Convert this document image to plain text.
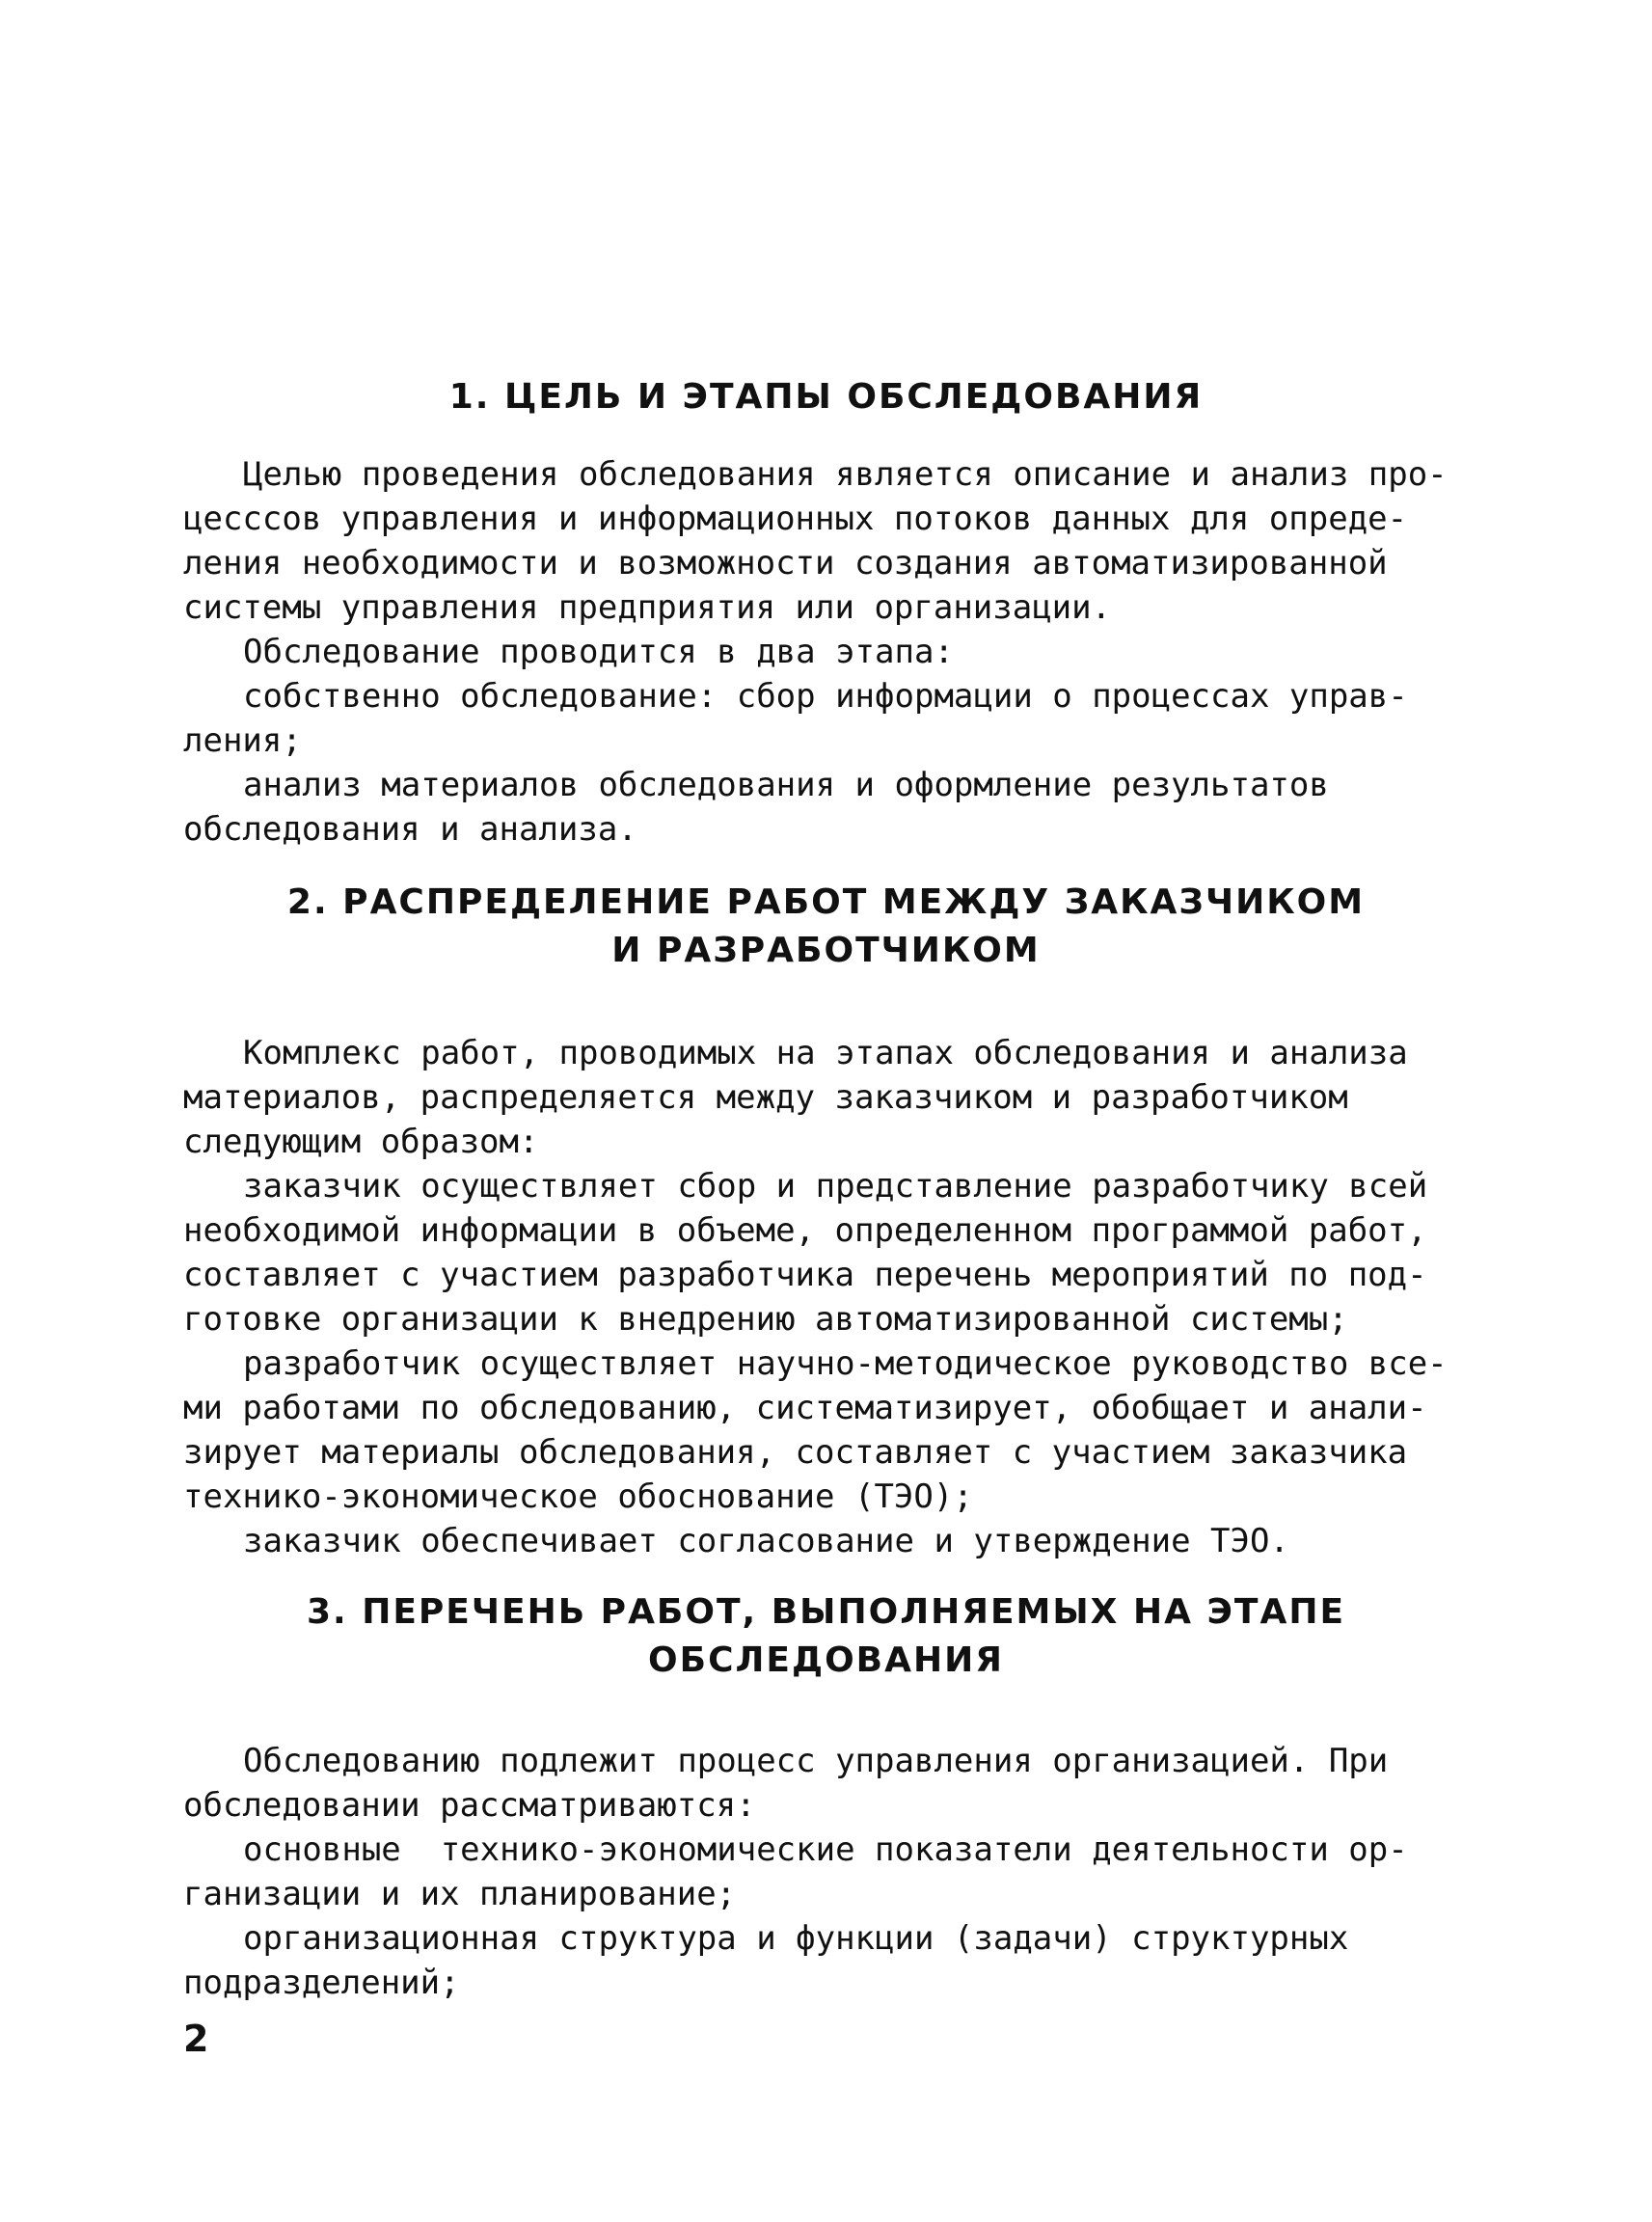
1. ЦЕЛЬ И ЭТАПЫ ОБСЛЕДОВАНИЯ

Целью проведения обследования является описание и анализ про-

цесссов управления и информационных потоков данных для опреде-

ления необходимости и возможности создания автоматизированной

системы управления предприятия или организации.

Обследование проводится в два этапа:

собственно обследование: сбор информации о процессах управ-

ления;

анализ материалов обследования и оформление результатов

обследования и анализа.

2. РАСПРЕДЕЛЕНИЕ РАБОТ МЕЖДУ ЗАКАЗЧИКОМ
И РАЗРАБОТЧИКОМ

Комплекс работ, проводимых на этапах обследования и анализа

материалов, распределяется между заказчиком и разработчиком

следующим образом:

заказчик осуществляет сбор и представление разработчику всей

необходимой информации в объеме, определенном программой работ,

составляет с участием разработчика перечень мероприятий по под-

готовке организации к внедрению автоматизированной системы;

разработчик осуществляет научно-методическое руководство все-

ми работами по обследованию, систематизирует, обобщает и анали-

зирует материалы обследования, составляет с участием заказчика

технико-экономическое обоснование (ТЭО);

заказчик обеспечивает согласование и утверждение ТЭО.

3. ПЕРЕЧЕНЬ РАБОТ, ВЫПОЛНЯЕМЫХ НА ЭТАПЕ
ОБСЛЕДОВАНИЯ

Обследованию подлежит процесс управления организацией. При

обследовании рассматриваются:

основные  технико-экономические показатели деятельности ор-

ганизации и их планирование;

организационная структура и функции (задачи) структурных

подразделений;

2
